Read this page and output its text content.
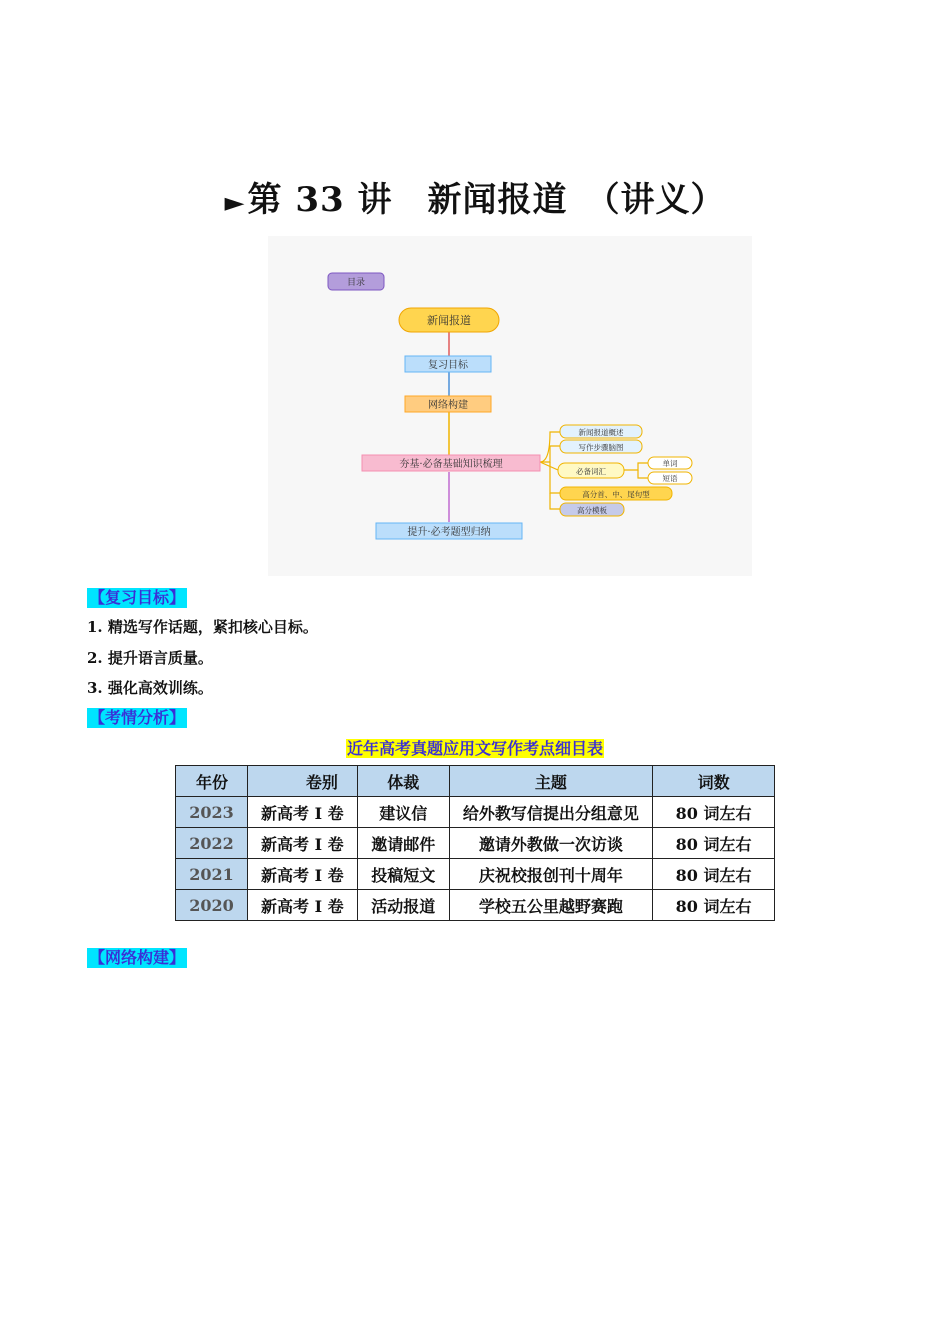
►第 33 讲　新闻报道　（讲义）
目录
新闻报道
复习目标
网络构建
夯基·必备基础知识梳理
提升·必考题型归纳
新闻报道概述
写作步骤脑图
必备词汇
单词
短语
高分首、中、尾句型
高分模板
【复习目标】
1. 精选写作话题，紧扣核心目标。
2. 提升语言质量。
3. 强化高效训练。
【考情分析】
近年高考真题应用文写作考点细目表
年份	卷别	体裁	主题	词数
2023	新高考 I 卷	建议信	给外教写信提出分组意见	80 词左右
2022	新高考 I 卷	邀请邮件	邀请外教做一次访谈	80 词左右
2021	新高考 I 卷	投稿短文	庆祝校报创刊十周年	80 词左右
2020	新高考 I 卷	活动报道	学校五公里越野赛跑	80 词左右
【网络构建】
